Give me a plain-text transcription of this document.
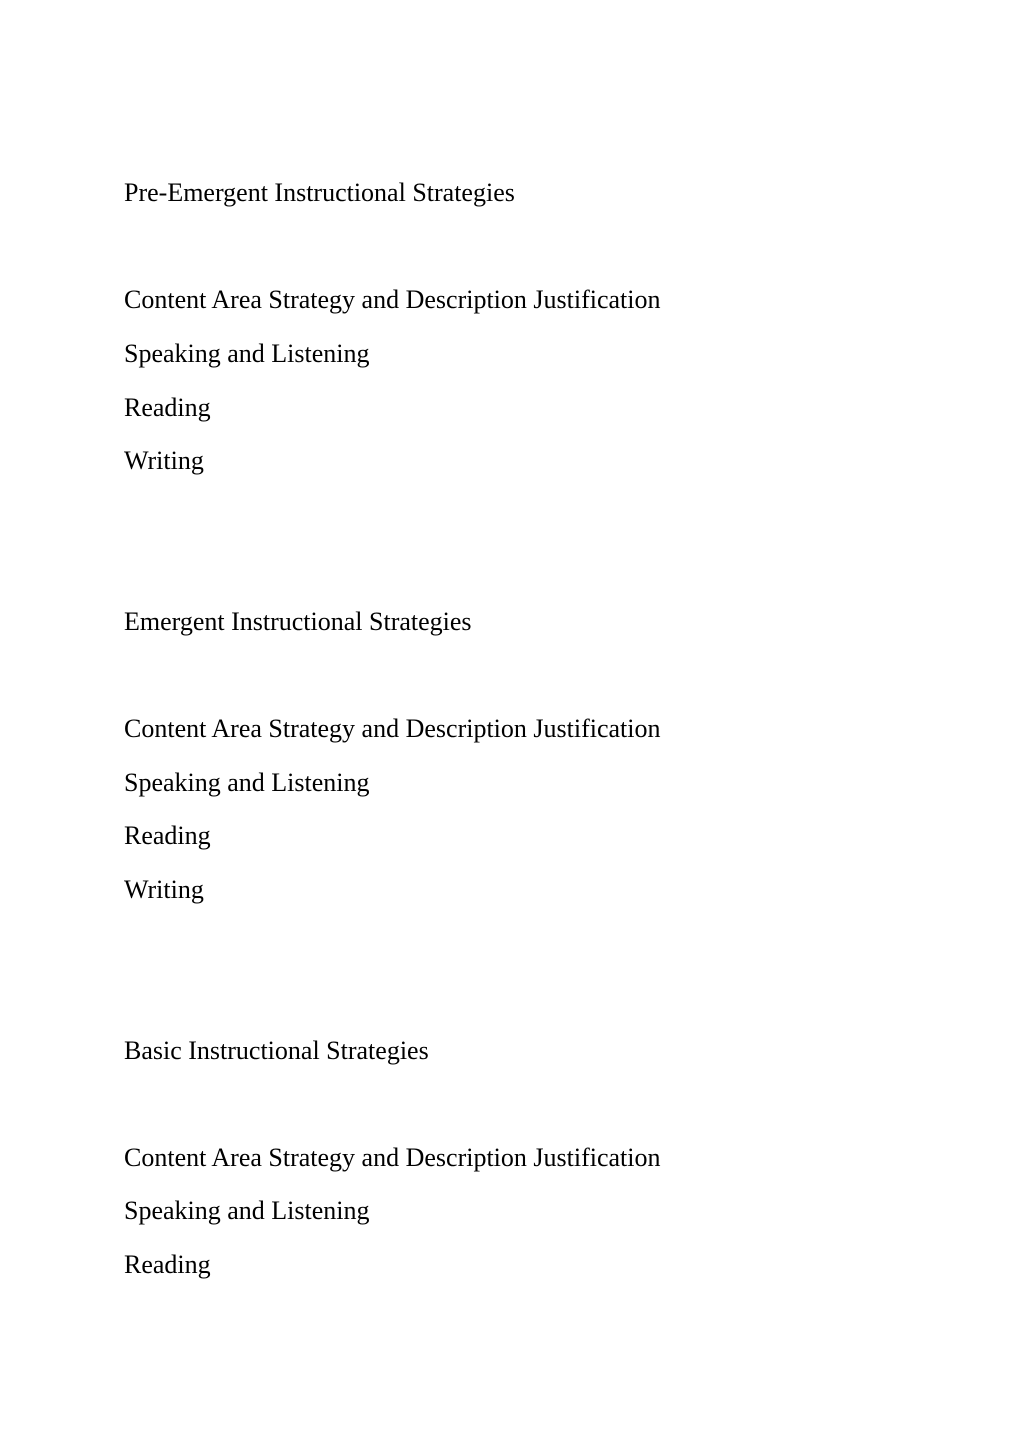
Pre-Emergent Instructional Strategies

Content Area Strategy and Description Justification

Speaking and Listening

Reading

Writing

Emergent Instructional Strategies

Content Area Strategy and Description Justification

Speaking and Listening

Reading

Writing

Basic Instructional Strategies

Content Area Strategy and Description Justification

Speaking and Listening

Reading
